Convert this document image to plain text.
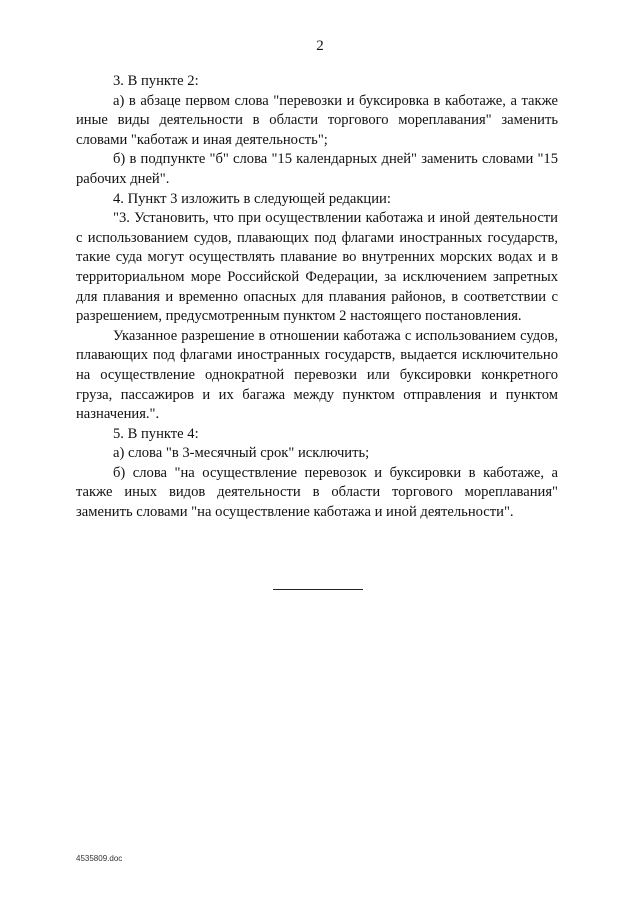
2

3. В пункте 2:

а) в абзаце первом слова "перевозки и буксировка в каботаже, а также иные виды деятельности в области торгового мореплавания" заменить словами "каботаж и иная деятельность";

б) в подпункте "б" слова "15 календарных дней" заменить словами "15 рабочих дней".

4. Пункт 3 изложить в следующей редакции:

"3. Установить, что при осуществлении каботажа и иной деятельности с использованием судов, плавающих под флагами иностранных государств, такие суда могут осуществлять плавание во внутренних морских водах и в территориальном море Российской Федерации, за исключением запретных для плавания и временно опасных для плавания районов, в соответствии с разрешением, предусмотренным пунктом 2 настоящего постановления.

Указанное разрешение в отношении каботажа с использованием судов, плавающих под флагами иностранных государств, выдается исключительно на осуществление однократной перевозки или буксировки конкретного груза, пассажиров и их багажа между пунктом отправления и пунктом назначения.".

5. В пункте 4:

а) слова "в 3-месячный срок" исключить;

б) слова "на осуществление перевозок и буксировки в каботаже, а также иных видов деятельности в области торгового мореплавания" заменить словами "на осуществление каботажа и иной деятельности".

4535809.doc
